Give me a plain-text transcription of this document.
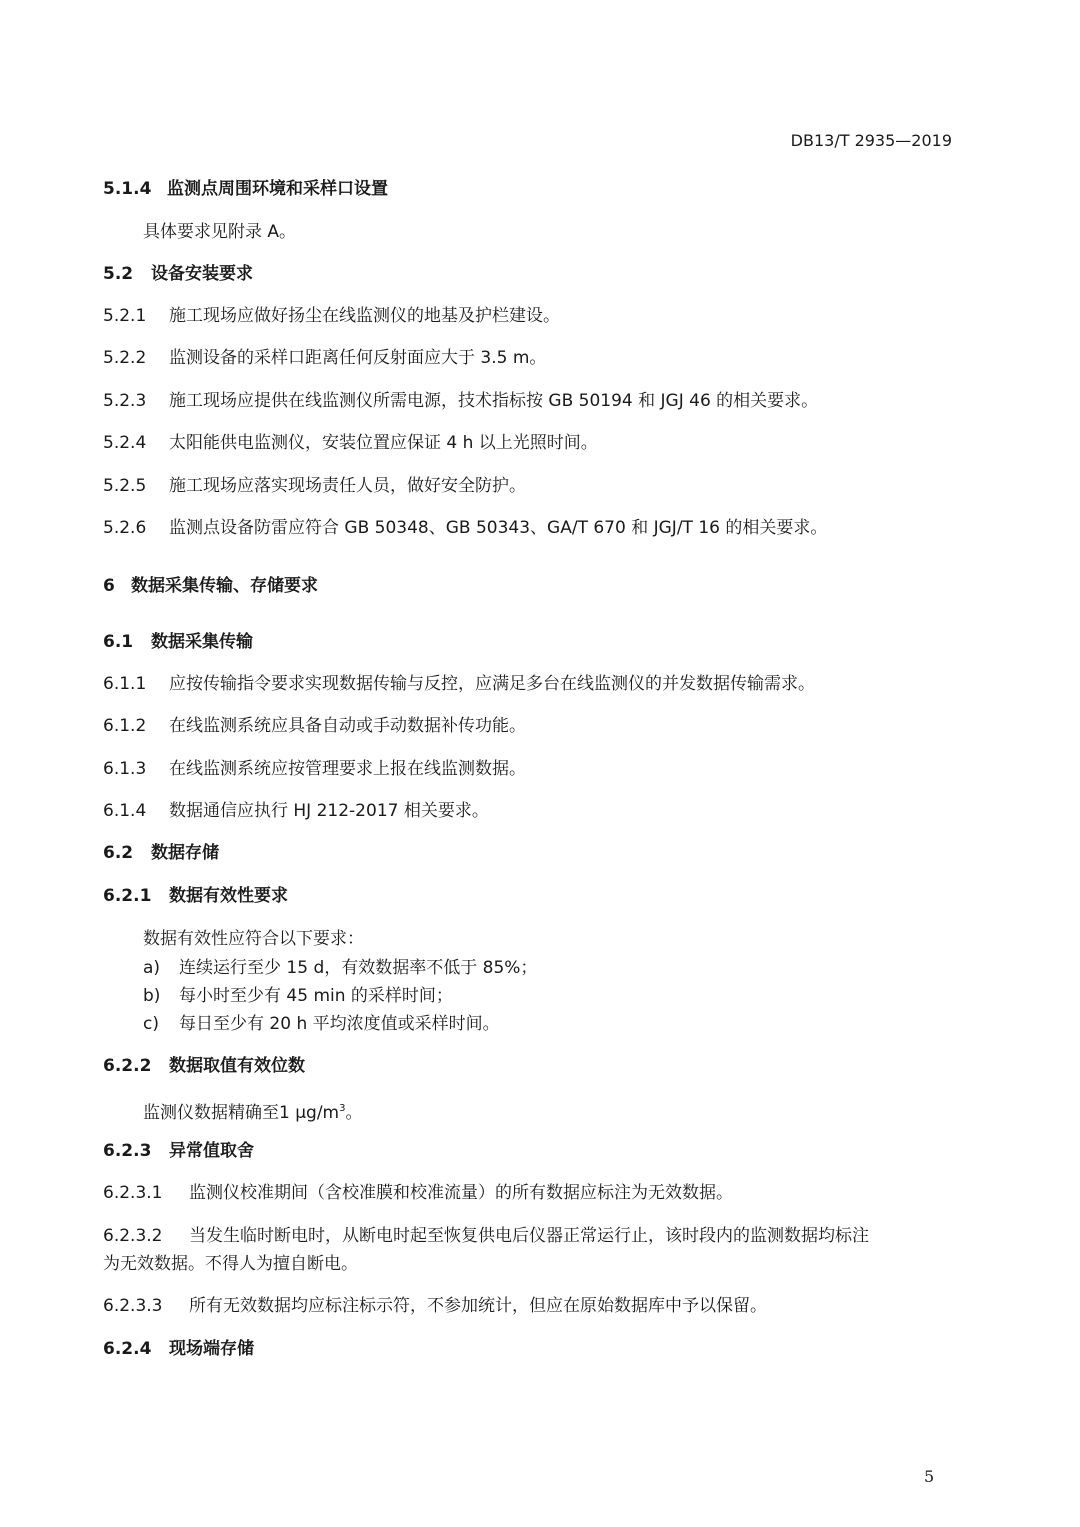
DB13/T 2935—2019
5.1.4 监测点周围环境和采样口设置
具体要求见附录 A。
5.2 设备安装要求
5.2.1 施工现场应做好扬尘在线监测仪的地基及护栏建设。
5.2.2 监测设备的采样口距离任何反射面应大于 3.5 m。
5.2.3 施工现场应提供在线监测仪所需电源，技术指标按 GB 50194 和 JGJ 46 的相关要求。
5.2.4 太阳能供电监测仪，安装位置应保证 4 h 以上光照时间。
5.2.5 施工现场应落实现场责任人员，做好安全防护。
5.2.6 监测点设备防雷应符合 GB 50348、GB 50343、GA/T 670 和 JGJ/T 16 的相关要求。
6 数据采集传输、存储要求
6.1 数据采集传输
6.1.1 应按传输指令要求实现数据传输与反控，应满足多台在线监测仪的并发数据传输需求。
6.1.2 在线监测系统应具备自动或手动数据补传功能。
6.1.3 在线监测系统应按管理要求上报在线监测数据。
6.1.4 数据通信应执行 HJ 212-2017 相关要求。
6.2 数据存储
6.2.1 数据有效性要求
数据有效性应符合以下要求：
a) 连续运行至少 15 d，有效数据率不低于 85%；
b) 每小时至少有 45 min 的采样时间；
c) 每日至少有 20 h 平均浓度值或采样时间。
6.2.2 数据取值有效位数
监测仪数据精确至1 $\mu g/m^3$。
6.2.3 异常值取舍
6.2.3.1 监测仪校准期间（含校准膜和校准流量）的所有数据应标注为无效数据。
6.2.3.2 当发生临时断电时，从断电时起至恢复供电后仪器正常运行止，该时段内的监测数据均标注
为无效数据。不得人为擅自断电。
6.2.3.3 所有无效数据均应标注标示符，不参加统计，但应在原始数据库中予以保留。
6.2.4 现场端存储
5
